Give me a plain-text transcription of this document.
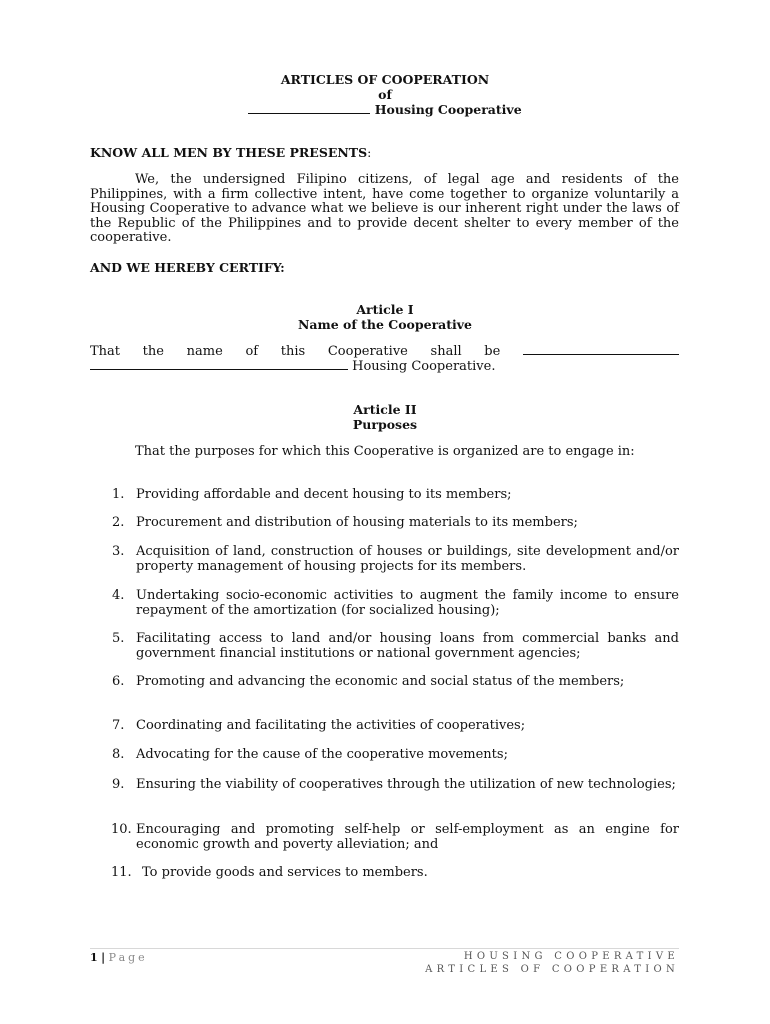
ARTICLES OF COOPERATION
of
Housing Cooperative
KNOW ALL MEN BY THESE PRESENTS:
We, the undersigned Filipino citizens, of legal age and residents of the Philippines, with a firm collective intent, have come together to organize voluntarily a Housing Cooperative to advance what we believe is our inherent right under the laws of the Republic of the Philippines and to provide decent shelter to every member of the cooperative.
AND WE HEREBY CERTIFY:
Article I
Name of the Cooperative
That the name of this Cooperative shall be
Housing Cooperative.
Article II
Purposes
That the purposes for which this Cooperative is organized are to engage in:
1. Providing affordable and decent housing to its members;
2. Procurement and distribution of housing materials to its members;
3. Acquisition of land, construction of houses or buildings, site development and/or property management of housing projects for its members.
4. Undertaking socio-economic activities to augment the family income to ensure repayment of the amortization (for socialized housing);
5. Facilitating access to land and/or housing loans from commercial banks and government financial institutions or national government agencies;
6. Promoting and advancing the economic and social status of the members;
7. Coordinating and facilitating the activities of cooperatives;
8. Advocating for the cause of the cooperative movements;
9. Ensuring the viability of cooperatives through the utilization of new technologies;
10. Encouraging and promoting self-help or self-employment as an engine for economic growth and poverty alleviation; and
11. To provide goods and services to members.
1 | Page	HOUSING COOPERATIVE
ARTICLES OF COOPERATION
